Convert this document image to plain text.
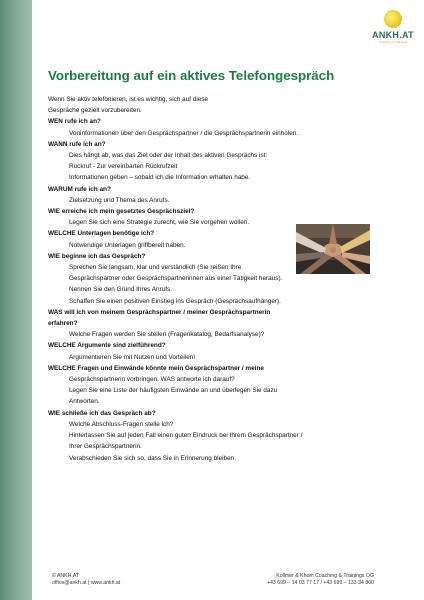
ANKH.AT
Coaching & Trainings
Vorbereitung auf ein aktives Telefongespräch
Wenn Sie aktiv telefonieren, ist es wichtig, sich auf diese
Gespräche gezielt vorzubereiten.
WEN rufe ich an?
Voninformationen über den Gesprächspartner / die Gesprächspartnerin einholen.
WANN rufe ich an?
Dies hängt ab, was das Ziel oder der Inhalt des aktiven Gesprächs ist:
Rückruf - Zur vereinbarten Rückrufzeit
Informationen geben – sobald ich die Information erhalten habe.
WARUM rufe ich an?
Zielsetzung und Thema des Anrufs.
WIE erreiche ich mein gesetztes Gesprächsziel?
Legen Sie sich eine Strategie zurecht, wie Sie vorgehen wollen.
WELCHE Unterlagen benötige ich?
Notwendige Unterlagen griffbereit haben.
WIE beginne ich das Gespräch?
Sprechen Sie langsam, klar und verständlich (Sie reißen Ihre
Gesprächspartner oder Gesprächspartnerinnen aus einer Tätigkeit heraus).
Nennen Sie den Grund Ihres Anrufs.
Schaffen Sie einen positiven Einstieg ins Gespräch (Gesprächsaufhänger).
WAS will ich von meinem Gesprächspartner / meiner Gesprächspartnerin
erfahren?
Welche Fragen werden Sie stellen (Fragenkatalog, Bedarfsanalyse)?
WELCHE Argumente sind zielführend?
Argumentieren Sie mit Nutzen und Vorteilen!
WELCHE Fragen und Einwände könnte mein Gesprächspartner / meine
Gesprächspartnerin vorbringen. WAS antworte ich darauf?
Legen Sie eine Liste der häufigsten Einwände an und überlegen Sie dazu
Antworten.
WIE schließe ich das Gespräch ab?
Welche Abschluss-Fragen stelle ich?
Hinterlassen Sie auf jeden Fall einen guten Eindruck bei Ihrem Gesprächspartner /
Ihrer Gesprächspartnerin.
Verabschieden Sie sich so, dass Sie in Erinnerung bleiben.
© ANKH.AT
office@ankh.at | www.ankh.at
Kollmer & Khom Coaching & Trainings OG
+43 699 – 14 03 77 17 / +43 699 – 133 34 800
